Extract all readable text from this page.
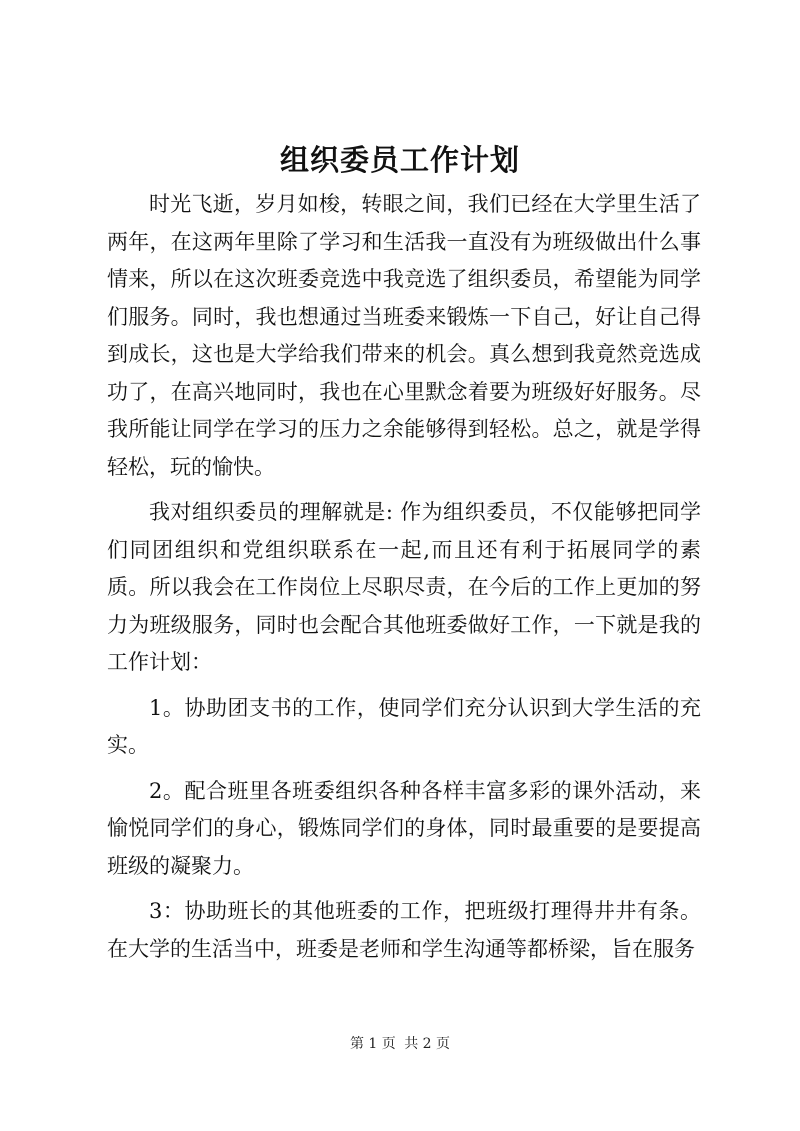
组织委员工作计划

时光飞逝，岁月如梭，转眼之间，我们已经在大学里生活了两年，在这两年里除了学习和生活我一直没有为班级做出什么事情来，所以在这次班委竞选中我竞选了组织委员，希望能为同学们服务。同时，我也想通过当班委来锻炼一下自己，好让自己得到成长，这也是大学给我们带来的机会。真么想到我竟然竞选成功了，在高兴地同时，我也在心里默念着要为班级好好服务。尽我所能让同学在学习的压力之余能够得到轻松。总之，就是学得轻松，玩的愉快。

我对组织委员的理解就是: 作为组织委员，不仅能够把同学们同团组织和党组织联系在一起,而且还有利于拓展同学的素质。所以我会在工作岗位上尽职尽责，在今后的工作上更加的努力为班级服务，同时也会配合其他班委做好工作，一下就是我的工作计划：

1。协助团支书的工作，使同学们充分认识到大学生活的充实。

2。配合班里各班委组织各种各样丰富多彩的课外活动，来愉悦同学们的身心，锻炼同学们的身体，同时最重要的是要提高班级的凝聚力。

3：协助班长的其他班委的工作，把班级打理得井井有条。在大学的生活当中，班委是老师和学生沟通等都桥梁，旨在服务

第 1 页 共 2 页
